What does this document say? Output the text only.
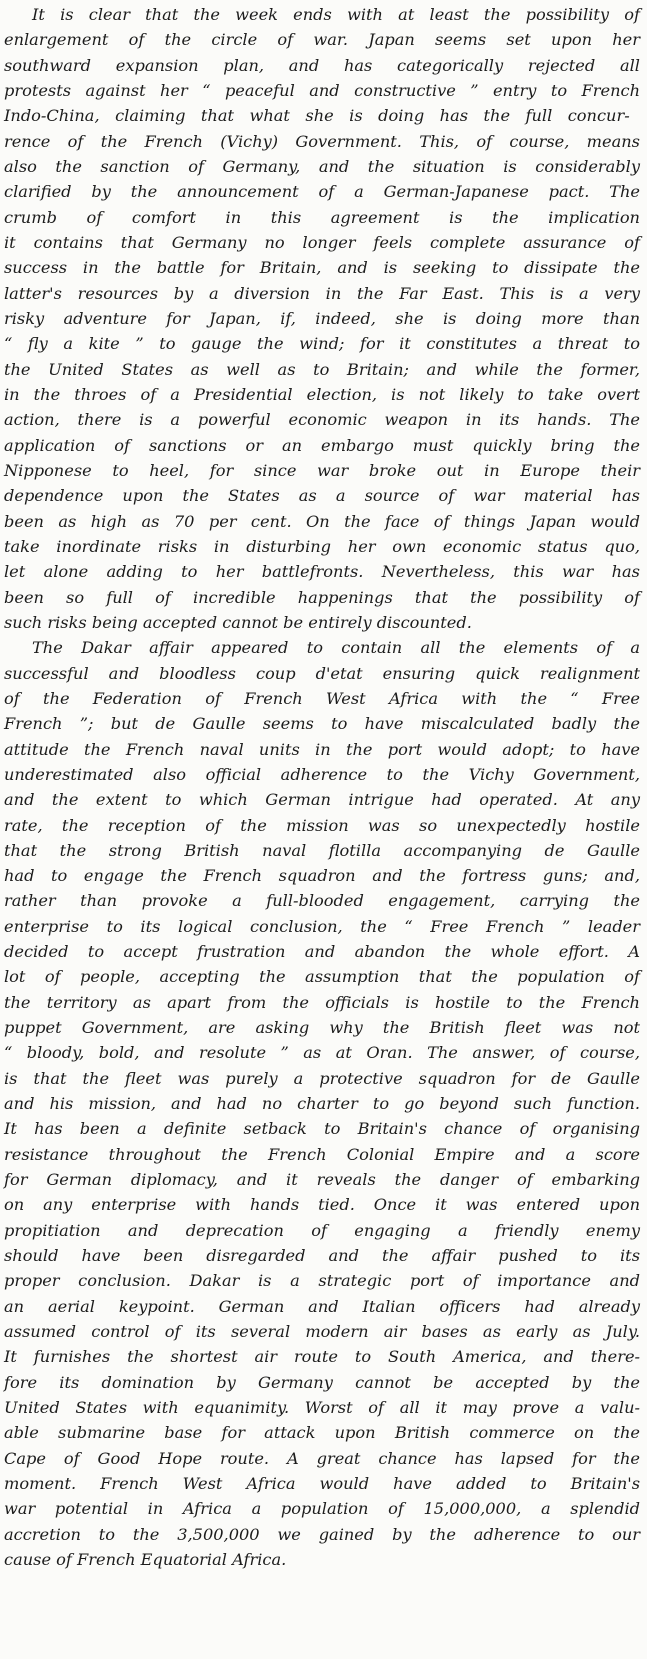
It is clear that the week ends with at least the possibility of
enlargement of the circle of war. Japan seems set upon her
southward expansion plan, and has categorically rejected all
protests against her “ peaceful and constructive ” entry to French
Indo-China, claiming that what she is doing has the full concur-
rence of the French (Vichy) Government. This, of course, means
also the sanction of Germany, and the situation is considerably
clarified by the announcement of a German-Japanese pact. The
crumb of comfort in this agreement is the implication
it contains that Germany no longer feels complete assurance of
success in the battle for Britain, and is seeking to dissipate the
latter's resources by a diversion in the Far East. This is a very
risky adventure for Japan, if, indeed, she is doing more than
“ fly a kite ” to gauge the wind; for it constitutes a threat to
the United States as well as to Britain; and while the former,
in the throes of a Presidential election, is not likely to take overt
action, there is a powerful economic weapon in its hands. The
application of sanctions or an embargo must quickly bring the
Nipponese to heel, for since war broke out in Europe their
dependence upon the States as a source of war material has
been as high as 70 per cent. On the face of things Japan would
take inordinate risks in disturbing her own economic status quo,
let alone adding to her battlefronts. Nevertheless, this war has
been so full of incredible happenings that the possibility of
such risks being accepted cannot be entirely discounted.
The Dakar affair appeared to contain all the elements of a
successful and bloodless coup d'etat ensuring quick realignment
of the Federation of French West Africa with the “ Free
French ”; but de Gaulle seems to have miscalculated badly the
attitude the French naval units in the port would adopt; to have
underestimated also official adherence to the Vichy Government,
and the extent to which German intrigue had operated. At any
rate, the reception of the mission was so unexpectedly hostile
that the strong British naval flotilla accompanying de Gaulle
had to engage the French squadron and the fortress guns; and,
rather than provoke a full-blooded engagement, carrying the
enterprise to its logical conclusion, the “ Free French ” leader
decided to accept frustration and abandon the whole effort. A
lot of people, accepting the assumption that the population of
the territory as apart from the officials is hostile to the French
puppet Government, are asking why the British fleet was not
“ bloody, bold, and resolute ” as at Oran. The answer, of course,
is that the fleet was purely a protective squadron for de Gaulle
and his mission, and had no charter to go beyond such function.
It has been a definite setback to Britain's chance of organising
resistance throughout the French Colonial Empire and a score
for German diplomacy, and it reveals the danger of embarking
on any enterprise with hands tied. Once it was entered upon
propitiation and deprecation of engaging a friendly enemy
should have been disregarded and the affair pushed to its
proper conclusion. Dakar is a strategic port of importance and
an aerial keypoint. German and Italian officers had already
assumed control of its several modern air bases as early as July.
It furnishes the shortest air route to South America, and there-
fore its domination by Germany cannot be accepted by the
United States with equanimity. Worst of all it may prove a valu-
able submarine base for attack upon British commerce on the
Cape of Good Hope route. A great chance has lapsed for the
moment. French West Africa would have added to Britain's
war potential in Africa a population of 15,000,000, a splendid
accretion to the 3,500,000 we gained by the adherence to our
cause of French Equatorial Africa.
